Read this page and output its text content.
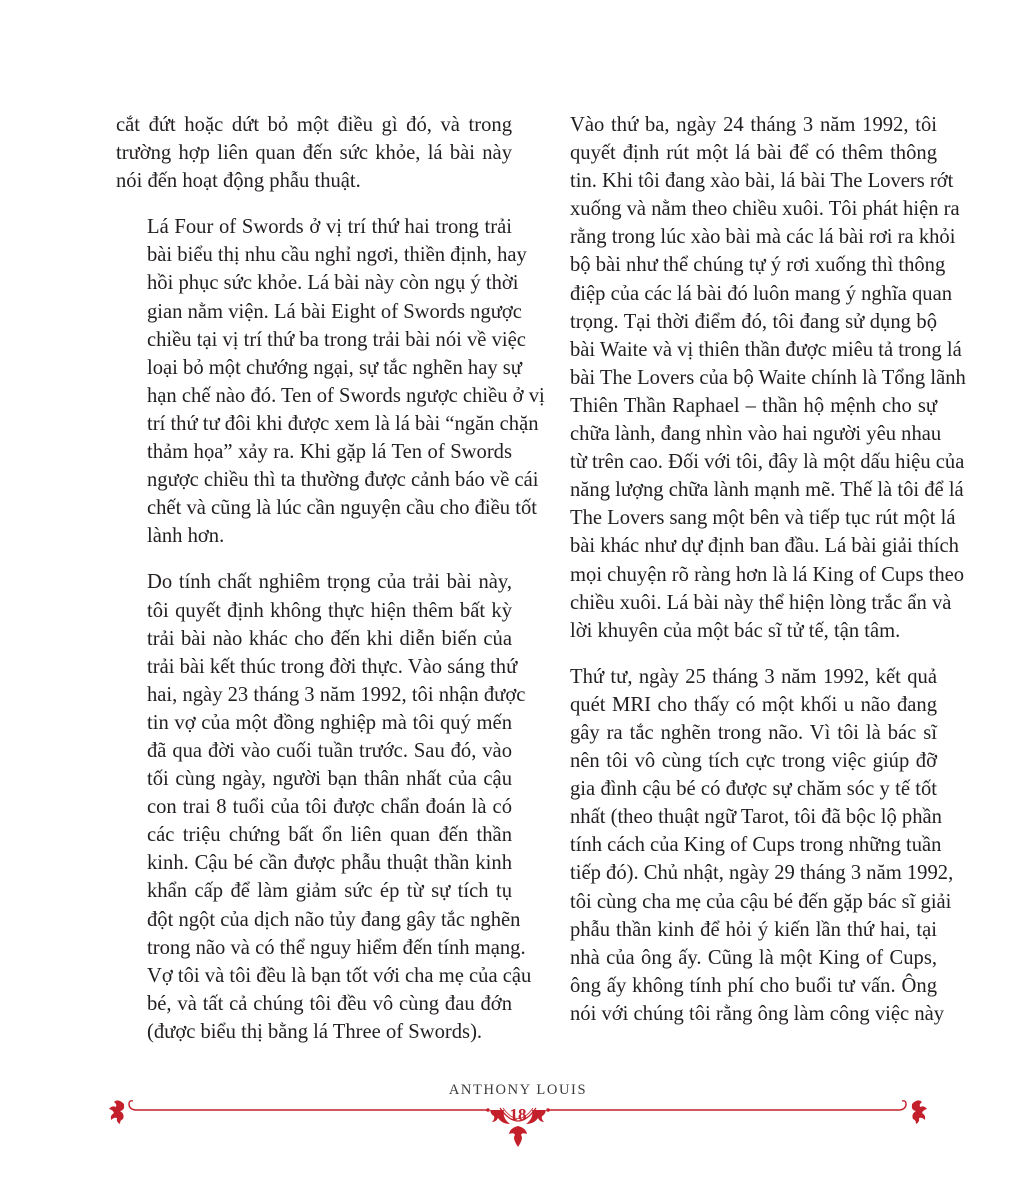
cắt đứt hoặc dứt bỏ một điều gì đó, và trong
trường hợp liên quan đến sức khỏe, lá bài này
nói đến hoạt động phẫu thuật.
Lá Four of Swords ở vị trí thứ hai trong trải
bài biểu thị nhu cầu nghỉ ngơi, thiền định, hay
hồi phục sức khỏe. Lá bài này còn ngụ ý thời
gian nằm viện. Lá bài Eight of Swords ngược
chiều tại vị trí thứ ba trong trải bài nói về việc
loại bỏ một chướng ngại, sự tắc nghẽn hay sự
hạn chế nào đó. Ten of Swords ngược chiều ở vị
trí thứ tư đôi khi được xem là lá bài “ngăn chặn
thảm họa” xảy ra. Khi gặp lá Ten of Swords
ngược chiều thì ta thường được cảnh báo về cái
chết và cũng là lúc cần nguyện cầu cho điều tốt
lành hơn.
Do tính chất nghiêm trọng của trải bài này,
tôi quyết định không thực hiện thêm bất kỳ
trải bài nào khác cho đến khi diễn biến của
trải bài kết thúc trong đời thực. Vào sáng thứ
hai, ngày 23 tháng 3 năm 1992, tôi nhận được
tin vợ của một đồng nghiệp mà tôi quý mến
đã qua đời vào cuối tuần trước. Sau đó, vào
tối cùng ngày, người bạn thân nhất của cậu
con trai 8 tuổi của tôi được chẩn đoán là có
các triệu chứng bất ổn liên quan đến thần
kinh. Cậu bé cần được phẫu thuật thần kinh
khẩn cấp để làm giảm sức ép từ sự tích tụ
đột ngột của dịch não tủy đang gây tắc nghẽn
trong não và có thể nguy hiểm đến tính mạng.
Vợ tôi và tôi đều là bạn tốt với cha mẹ của cậu
bé, và tất cả chúng tôi đều vô cùng đau đớn
(được biểu thị bằng lá Three of Swords).
Vào thứ ba, ngày 24 tháng 3 năm 1992, tôi
quyết định rút một lá bài để có thêm thông
tin. Khi tôi đang xào bài, lá bài The Lovers rớt
xuống và nằm theo chiều xuôi. Tôi phát hiện ra
rằng trong lúc xào bài mà các lá bài rơi ra khỏi
bộ bài như thể chúng tự ý rơi xuống thì thông
điệp của các lá bài đó luôn mang ý nghĩa quan
trọng. Tại thời điểm đó, tôi đang sử dụng bộ
bài Waite và vị thiên thần được miêu tả trong lá
bài The Lovers của bộ Waite chính là Tổng lãnh
Thiên Thần Raphael – thần hộ mệnh cho sự
chữa lành, đang nhìn vào hai người yêu nhau
từ trên cao. Đối với tôi, đây là một dấu hiệu của
năng lượng chữa lành mạnh mẽ. Thế là tôi để lá
The Lovers sang một bên và tiếp tục rút một lá
bài khác như dự định ban đầu. Lá bài giải thích
mọi chuyện rõ ràng hơn là lá King of Cups theo
chiều xuôi. Lá bài này thể hiện lòng trắc ẩn và
lời khuyên của một bác sĩ tử tế, tận tâm.
Thứ tư, ngày 25 tháng 3 năm 1992, kết quả
quét MRI cho thấy có một khối u não đang
gây ra tắc nghẽn trong não. Vì tôi là bác sĩ
nên tôi vô cùng tích cực trong việc giúp đỡ
gia đình cậu bé có được sự chăm sóc y tế tốt
nhất (theo thuật ngữ Tarot, tôi đã bộc lộ phần
tính cách của King of Cups trong những tuần
tiếp đó). Chủ nhật, ngày 29 tháng 3 năm 1992,
tôi cùng cha mẹ của cậu bé đến gặp bác sĩ giải
phẫu thần kinh để hỏi ý kiến lần thứ hai, tại
nhà của ông ấy. Cũng là một King of Cups,
ông ấy không tính phí cho buổi tư vấn. Ông
nói với chúng tôi rằng ông làm công việc này
ANTHONY LOUIS
18
